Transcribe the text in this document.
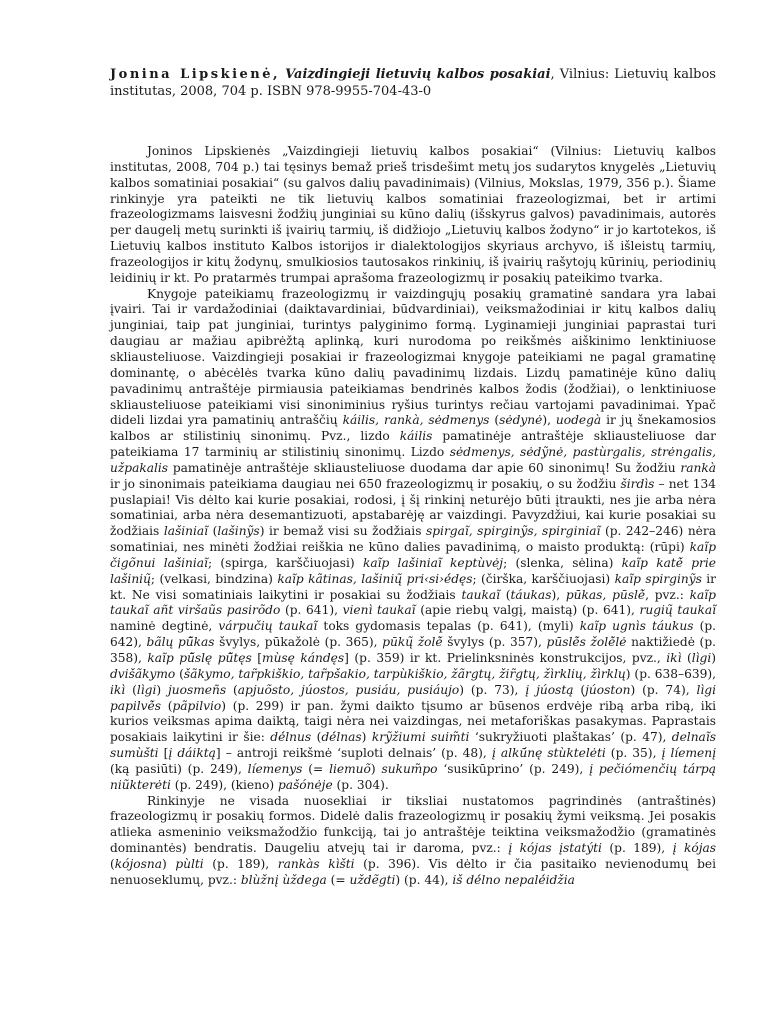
Jonina Lipskienė, Vaizdingieji lietuvių kalbos posakiai, Vilnius: Lietuvių kalbos institutas, 2008, 704 p. ISBN 978-9955-704-43-0

Joninos Lipskienės „Vaizdingieji lietuvių kalbos posakiai“ (Vilnius: Lietuvių kalbos institutas, 2008, 704 p.) tai tęsinys bemaž prieš trisdešimt metų jos sudarytos knygelės „Lietuvių kalbos somatiniai posakiai“ (su galvos dalių pavadinimais) (Vilnius, Mokslas, 1979, 356 p.). Šiame rinkinyje yra pateikti ne tik lietuvių kalbos somatiniai frazeologizmai, bet ir artimi frazeologizmams laisvesni žodžių junginiai su kūno dalių (išskyrus galvos) pavadinimais, autorės per daugelį metų surinkti iš įvairių tarmių, iš didžiojo „Lietuvių kalbos žodyno“ ir jo kartotekos, iš Lietuvių kalbos instituto Kalbos istorijos ir dialektologijos skyriaus archyvo, iš išleistų tarmių, frazeologijos ir kitų žodynų, smulkiosios tautosakos rinkinių, iš įvairių rašytojų kūrinių, periodinių leidinių ir kt. Po pratarmės trumpai aprašoma frazeologizmų ir posakių pateikimo tvarka.

Knygoje pateikiamų frazeologizmų ir vaizdingųjų posakių gramatinė sandara yra labai įvairi. Tai ir vardažodiniai (daiktavardiniai, būdvardiniai), veiksmažodiniai ir kitų kalbos dalių junginiai, taip pat junginiai, turintys palyginimo formą. Lyginamieji junginiai paprastai turi daugiau ar mažiau apibrėžtą aplinką, kuri nurodoma po reikšmės aiškinimo lenktiniuose skliausteliuose. Vaizdingieji posakiai ir frazeologizmai knygoje pateikiami ne pagal gramatinę dominantę, o abėcėlės tvarka kūno dalių pavadinimų lizdais. Lizdų pamatinėje kūno dalių pavadinimų antraštėje pirmiausia pateikiamas bendrinės kalbos žodis (žodžiai), o lenktiniuose skliausteliuose pateikiami visi sinoniminius ryšius turintys rečiau vartojami pavadinimai. Ypač dideli lizdai yra pamatinių antraščių káilis, rankà, sėdmenys (sėdynė), uodegà ir jų šnekamosios kalbos ar stilistinių sinonimų. Pvz., lizdo káilis pamatinėje antraštėje skliausteliuose dar pateikiama 17 tarminių ar stilistinių sinonimų. Lizdo sėdmenys, sėdỹnė, pastùrgalis, strėngalis, užpakalis pamatinėje antraštėje skliausteliuose duodama dar apie 60 sinonimų! Su žodžiu rankà ir jo sinonimais pateikiama daugiau nei 650 frazeologizmų ir posakių, o su žodžiu širdìs – net 134 puslapiai! Vis dėlto kai kurie posakiai, rodosi, į šį rinkinį neturėjo būti įtraukti, nes jie arba nėra somatiniai, arba nėra desemantizuoti, apstabarėję ar vaizdingi. Pavyzdžiui, kai kurie posakiai su žodžiais lašiniaĩ (lašinỹs) ir bemaž visi su žodžiais spirgaĩ, spirginỹs, spirginiaĩ (p. 242–246) nėra somatiniai, nes minėti žodžiai reiškia ne kūno dalies pavadinimą, o maisto produktą: (rūpi) kaĩp čigõnui lašiniaĩ; (spirga, karščiuojasi) kaĩp lašiniaĩ keptùvėj; (slenka, sėlina) kaĩp katė̃ prie lašinių̃; (velkasi, bindzina) kaĩp kãtinas, lašinių̃ pri‹si›ė́dęs; (čirška, karščiuojasi) kaĩp spirginỹs ir kt. Ne visi somatiniais laikytini ir posakiai su žodžiais taukaĩ (táukas), pūkas, pūslė̃, pvz.: kaĩp taukaĩ añt viršaũs pasirõdo (p. 641), vienì taukaĩ (apie riebų valgį, maistą) (p. 641), rugių̃ taukaĩ naminė degtinė, várpučių taukaĩ toks gydomasis tepalas (p. 641), (myli) kaĩp ugnìs táukus (p. 642), bãlų pū̃kas švylys, pūkažolė (p. 365), pūkų̃ žolė̃ švylys (p. 357), pūslė̃s žolė̃lė naktižiedė (p. 358), kaĩp pū̃slę pū̃tęs [mùsę kándęs] (p. 359) ir kt. Prielinksninės konstrukcijos, pvz., ikì (lìgi) dvišãkymo (šãkymo, tar̃pkiškio, tar̃pšakio, tarpùkiškio, žãrgtų, žir̃gtų, žìrklių, žìrklų) (p. 638–639), ikì (lìgi) juosmeñs (apjuõsto, júostos, pusiáu, pusiáujo) (p. 73), į júostą (júoston) (p. 74), lìgi papilvė̃s (pãpilvio) (p. 299) ir pan. žymi daikto tįsumo ar būsenos erdvėje ribą arba ribą, iki kurios veiksmas apima daiktą, taigi nėra nei vaizdingas, nei metaforiškas pasakymas. Paprastais posakiais laikytini ir šie: dė́lnus (dė́lnas) krỹžiumi suim̃ti ‘sukryžiuoti plaštakas’ (p. 47), delnaĩs sumùšti [į dáiktą] – antroji reikšmė ‘suploti delnais’ (p. 48), į alkū́nę stùktelėti (p. 35), į líemenį (ką pasiūti) (p. 249), líemenys (= liemuõ) sukum̃po ‘susikūprino’ (p. 249), į pečiómenčių tárpą niũkterėti (p. 249), (kieno) pašónėje (p. 304).

Rinkinyje ne visada nuosekliai ir tiksliai nustatomos pagrindinės (antraštinės) frazeologizmų ir posakių formos. Didelė dalis frazeologizmų ir posakių žymi veiksmą. Jei posakis atlieka asmeninio veiksmažodžio funkciją, tai jo antraštėje teiktina veiksmažodžio (gramatinės dominantės) bendratis. Daugeliu atvejų tai ir daroma, pvz.: į kójas įstatýti (p. 189), į kójas (kójosna) pùlti (p. 189), rankàs kìšti (p. 396). Vis dėlto ir čia pasitaiko nevienodumų bei nenuoseklumų, pvz.: blùžnį ùždega (= uždẽgti) (p. 44), iš dė́lno nepalė́idžia
